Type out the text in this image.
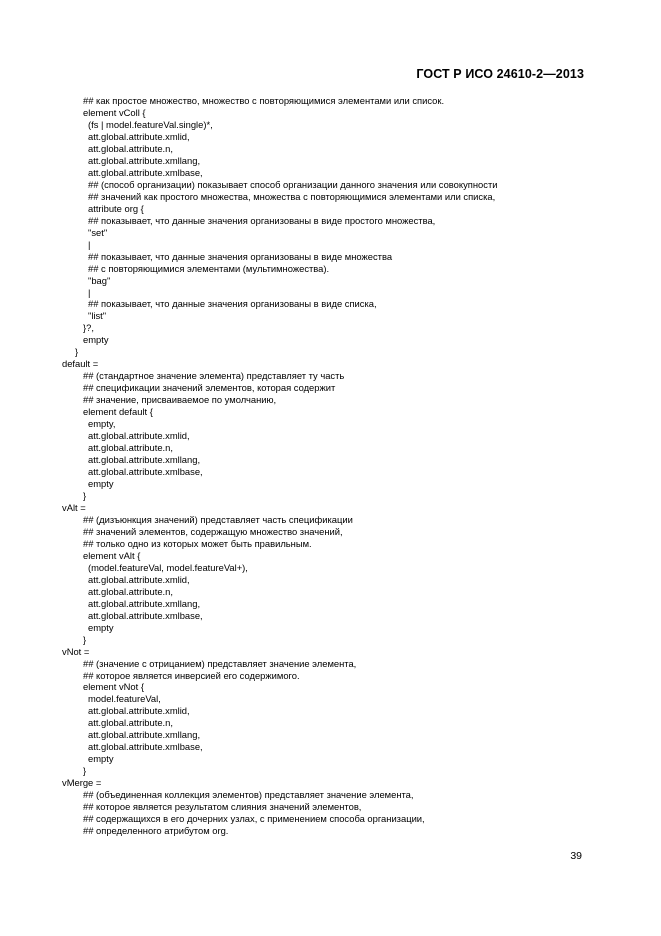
ГОСТ Р ИСО 24610-2—2013
## как простое множество, множество с повторяющимися элементами или список.
element vColl {
(fs | model.featureVal.single)*,
att.global.attribute.xmlid,
att.global.attribute.n,
att.global.attribute.xmllang,
att.global.attribute.xmlbase,
## (способ организации) показывает способ организации данного значения или совокупности
## значений как простого множества, множества с повторяющимися элементами или списка,
attribute org {
## показывает, что данные значения организованы в виде простого множества,
"set"
|
## показывает, что данные значения организованы в виде множества
## с повторяющимися элементами (мультимножества).
"bag"
|
## показывает, что данные значения организованы в виде списка,
"list"
}?,
empty
}
default =
## (стандартное значение элемента) представляет ту часть
## спецификации значений элементов, которая содержит
## значение, присваиваемое по умолчанию,
element default {
empty,
att.global.attribute.xmlid,
att.global.attribute.n,
att.global.attribute.xmllang,
att.global.attribute.xmlbase,
empty
}
vAlt =
## (дизъюнкция значений) представляет часть спецификации
## значений элементов, содержащую множество значений,
## только одно из которых может быть правильным.
element vAlt {
(model.featureVal, model.featureVal+),
att.global.attribute.xmlid,
att.global.attribute.n,
att.global.attribute.xmllang,
att.global.attribute.xmlbase,
empty
}
vNot =
## (значение с отрицанием) представляет значение элемента,
## которое является инверсией его содержимого.
element vNot {
model.featureVal,
att.global.attribute.xmlid,
att.global.attribute.n,
att.global.attribute.xmllang,
att.global.attribute.xmlbase,
empty
}
vMerge =
## (объединенная коллекция элементов) представляет значение элемента,
## которое является результатом слияния значений элементов,
## содержащихся в его дочерних узлах, с применением способа организации,
## определенного атрибутом org.
39
